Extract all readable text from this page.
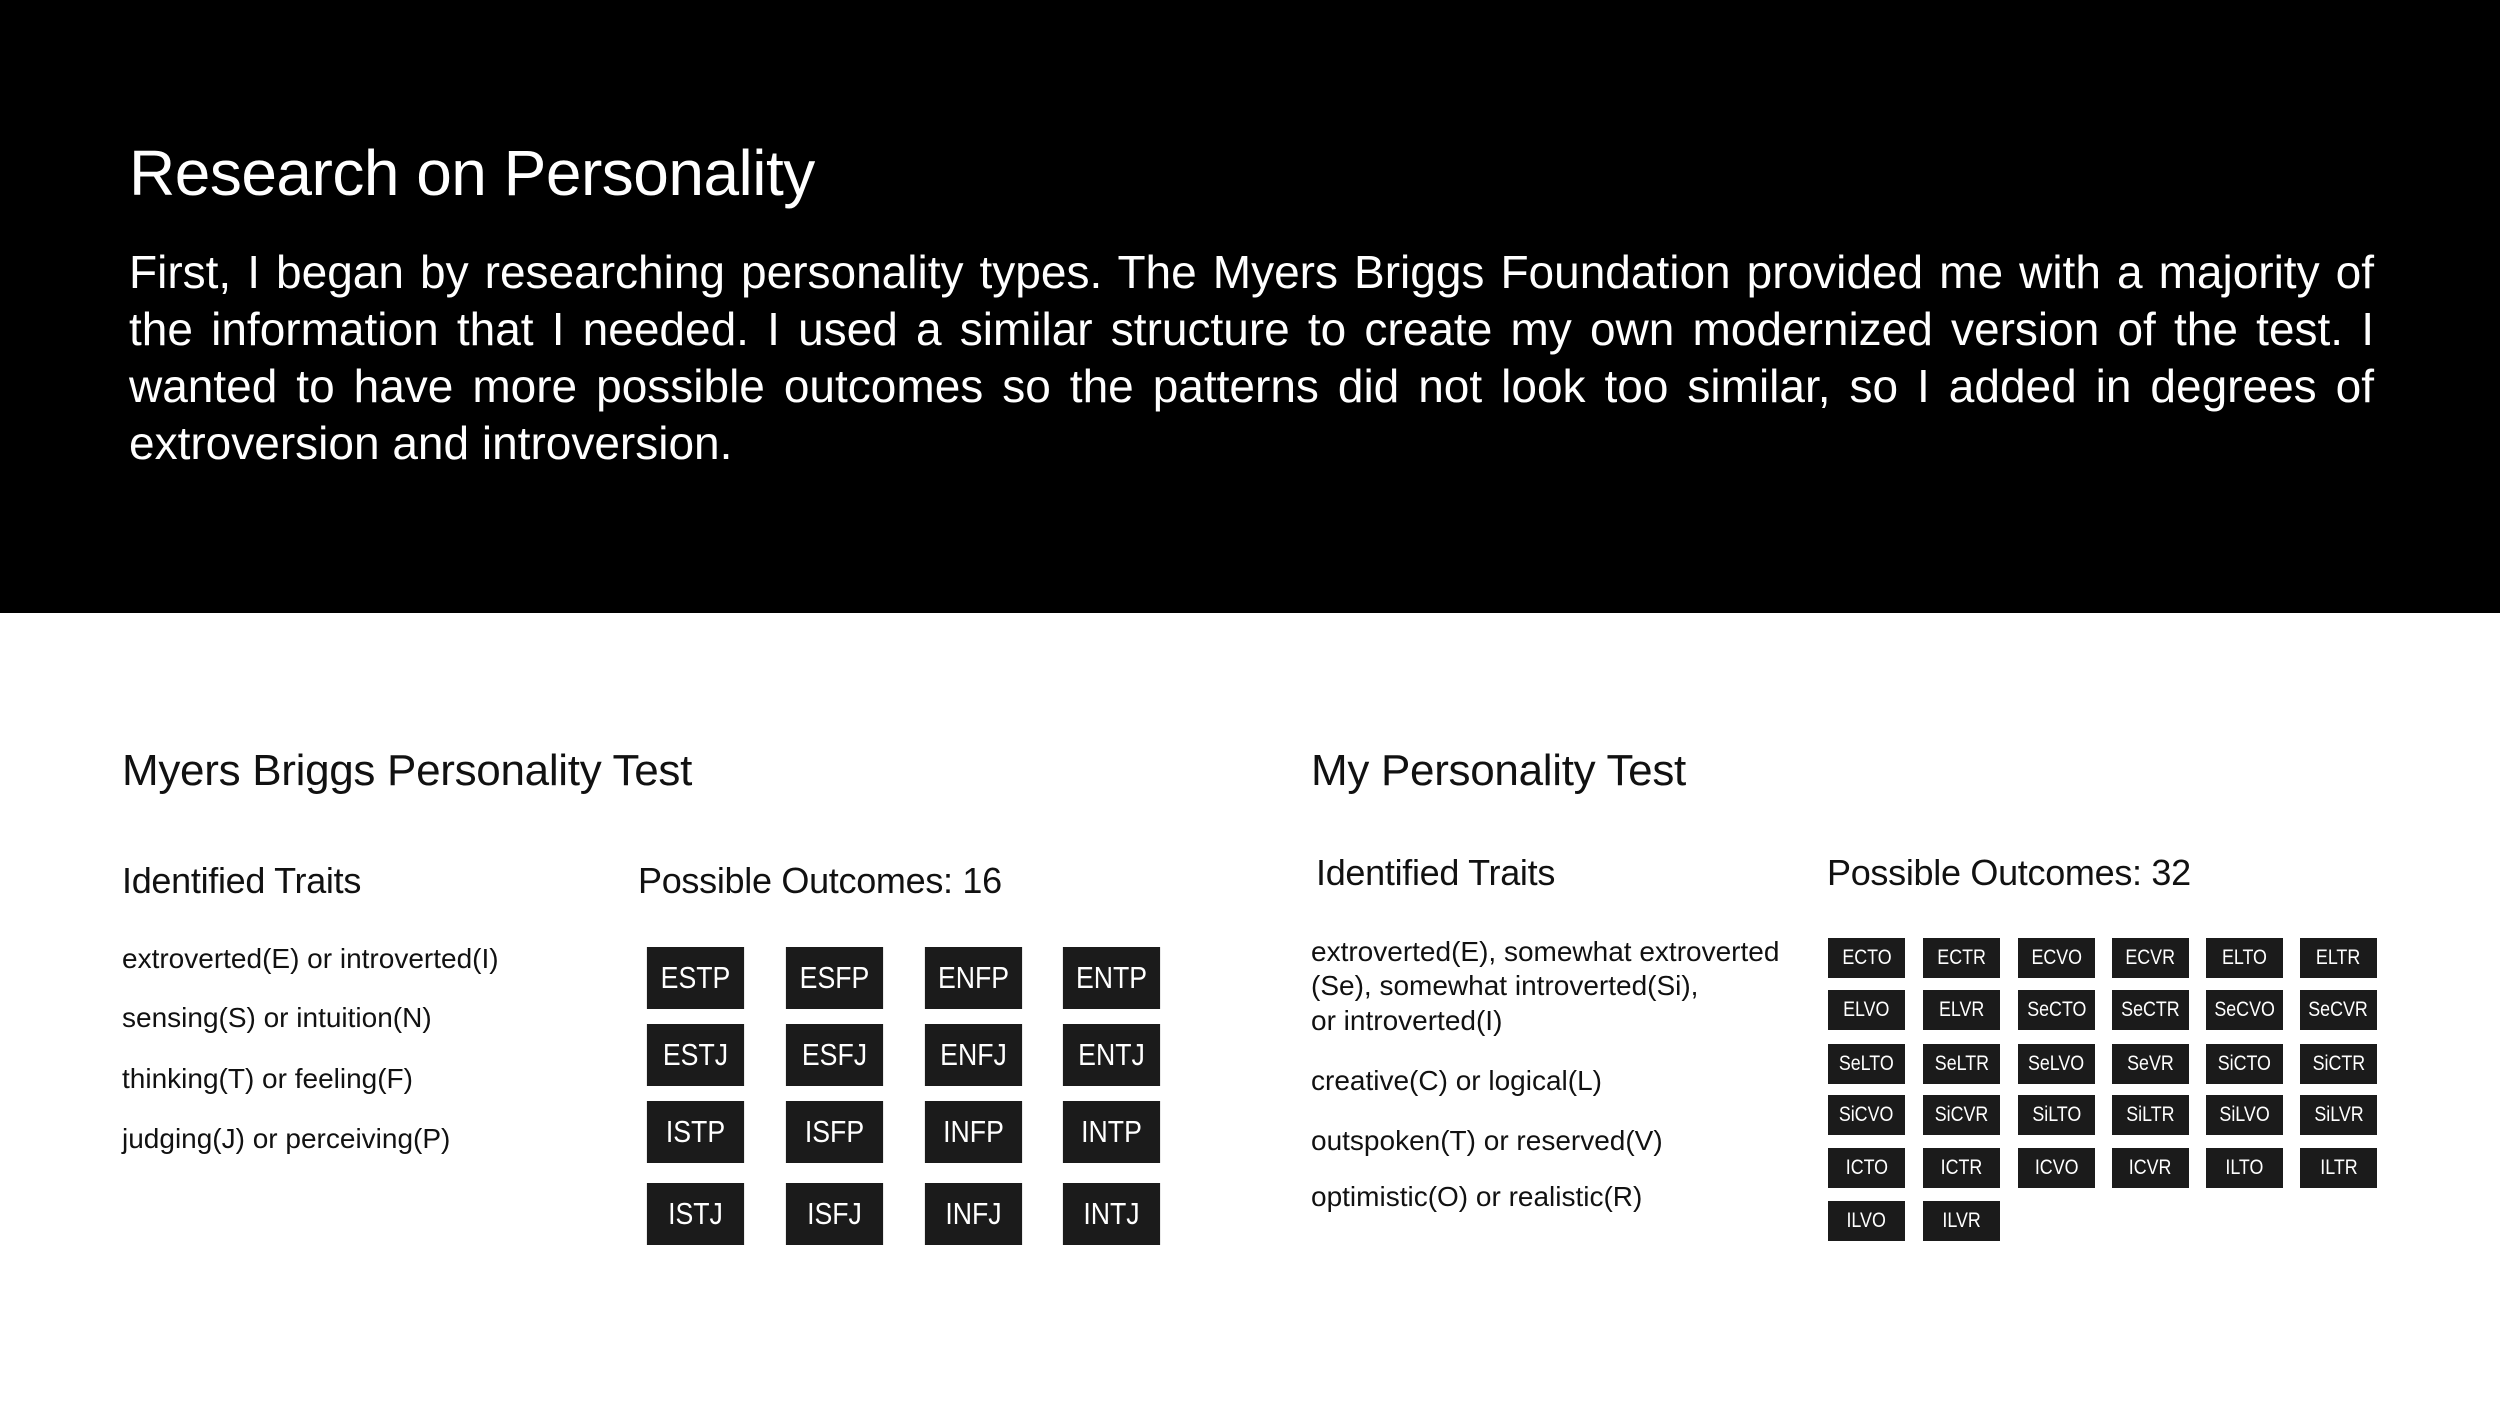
Research on Personality

First, I began by researching personality types. The Myers Briggs Foundation provided me with a majority of the information that I needed. I used a similar structure to create my own modernized version of the test. I wanted to have more possible outcomes so the patterns did not look too similar, so I added in degrees of extroversion and introversion.

Myers Briggs Personality Test
Identified Traits	Possible Outcomes: 16
extroverted(E) or introverted(I)
sensing(S) or intuition(N)
thinking(T) or feeling(F)
judging(J) or perceiving(P)
ESTP	ESFP	ENFP	ENTP
ESTJ	ESFJ	ENFJ	ENTJ
ISTP	ISFP	INFP	INTP
ISTJ	ISFJ	INFJ	INTJ
My Personality Test
Identified Traits	Possible Outcomes: 32
extroverted(E), somewhat extroverted
(Se), somewhat introverted(Si),
or introverted(I)
creative(C) or logical(L)
outspoken(T) or reserved(V)
optimistic(O) or realistic(R)
ECTO ECTR ECVO ECVR ELTO ELTR
ELVO ELVR SeCTO SeCTR SeCVO SeCVR
SeLTO SeLTR SeLVO SeVR SiCTO SiCTR
SiCVO SiCVR SiLTO SiLTR SiLVO SiLVR
ICTO	ICTR ICVO ICVR	ILTO	ILTR
ILVO	ILVR
